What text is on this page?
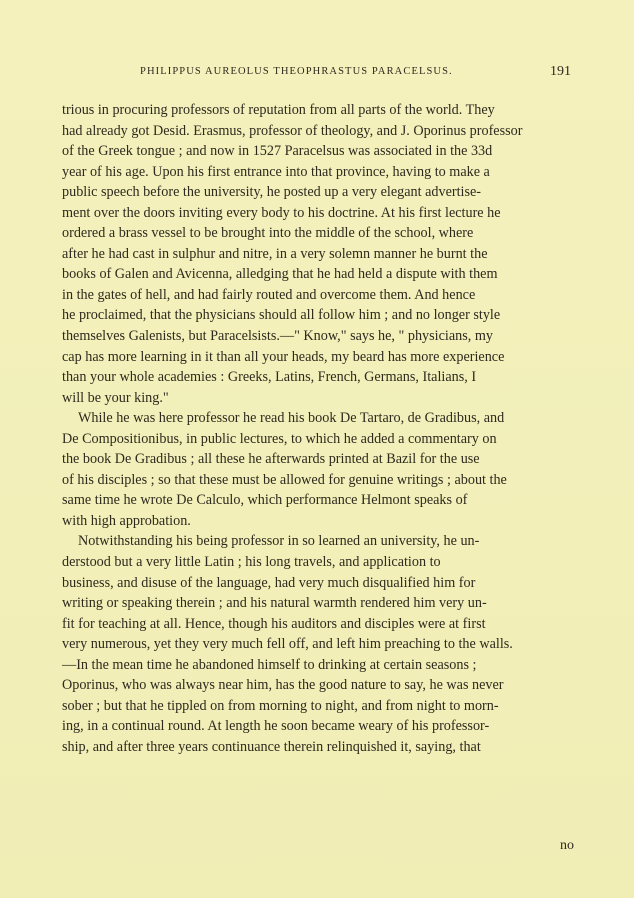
PHILIPPUS AUREOLUS THEOPHRASTUS PARACELSUS.	191

trious in procuring professors of reputation from all parts of the world. They
had already got Desid. Erasmus, professor of theology, and J. Oporinus professor
of the Greek tongue ; and now in 1527 Paracelsus was associated in the 33d
year of his age. Upon his first entrance into that province, having to make a
public speech before the university, he posted up a very elegant advertise-
ment over the doors inviting every body to his doctrine. At his first lecture he
ordered a brass vessel to be brought into the middle of the school, where
after he had cast in sulphur and nitre, in a very solemn manner he burnt the
books of Galen and Avicenna, alledging that he had held a dispute with them
in the gates of hell, and had fairly routed and overcome them. And hence
he proclaimed, that the physicians should all follow him ; and no longer style
themselves Galenists, but Paracelsists.—" Know," says he, " physicians, my
cap has more learning in it than all your heads, my beard has more experience
than your whole academies : Greeks, Latins, French, Germans, Italians, I
will be your king."

While he was here professor he read his book De Tartaro, de Gradibus, and
De Compositionibus, in public lectures, to which he added a commentary on
the book De Gradibus ; all these he afterwards printed at Bazil for the use
of his disciples ; so that these must be allowed for genuine writings ; about the
same time he wrote De Calculo, which performance Helmont speaks of
with high approbation.

Notwithstanding his being professor in so learned an university, he un-
derstood but a very little Latin ; his long travels, and application to
business, and disuse of the language, had very much disqualified him for
writing or speaking therein ; and his natural warmth rendered him very un-
fit for teaching at all. Hence, though his auditors and disciples were at first
very numerous, yet they very much fell off, and left him preaching to the walls.
—In the mean time he abandoned himself to drinking at certain seasons ;
Oporinus, who was always near him, has the good nature to say, he was never
sober ; but that he tippled on from morning to night, and from night to morn-
ing, in a continual round. At length he soon became weary of his professor-
ship, and after three years continuance therein relinquished it, saying, that

no
